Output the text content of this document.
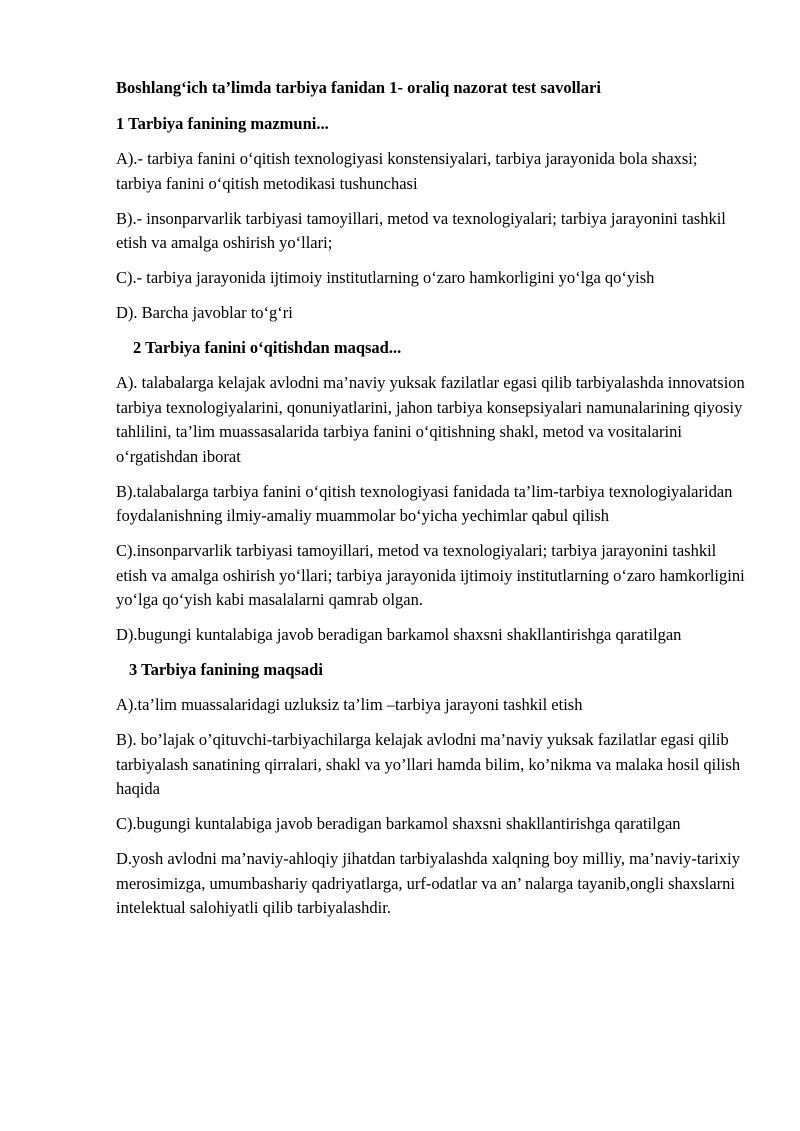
Boshlang‘ich ta’limda tarbiya fanidan 1- oraliq nazorat test savollari

1 Tarbiya fanining mazmuni...

A).- tarbiya fanini o‘qitish texnologiyasi konstensiyalari, tarbiya jarayonida bola shaxsi; tarbiya fanini o‘qitish metodikasi tushunchasi

B).- insonparvarlik tarbiyasi tamoyillari, metod va texnologiyalari; tarbiya jarayonini tashkil etish va amalga oshirish yo‘llari;

C).- tarbiya jarayonida ijtimoiy institutlarning o‘zaro hamkorligini yo‘lga qo‘yish

D). Barcha javoblar to‘g‘ri

2 Tarbiya fanini o‘qitishdan maqsad...

A). talabalarga kelajak avlodni ma’naviy yuksak fazilatlar egasi qilib tarbiyalashda innovatsion tarbiya texnologiyalarini, qonuniyatlarini, jahon tarbiya konsepsiyalari namunalarining qiyosiy tahlilini, ta’lim muassasalarida tarbiya fanini o‘qitishning shakl, metod va vositalarini o‘rgatishdan iborat

B).talabalarga tarbiya fanini o‘qitish texnologiyasi fanidada ta’lim-tarbiya texnologiyalaridan foydalanishning ilmiy-amaliy muammolar bo‘yicha yechimlar qabul qilish

C).insonparvarlik tarbiyasi tamoyillari, metod va texnologiyalari; tarbiya jarayonini tashkil etish va amalga oshirish yo‘llari; tarbiya jarayonida ijtimoiy institutlarning o‘zaro hamkorligini yo‘lga qo‘yish kabi masalalarni qamrab olgan.

D).bugungi kuntalabiga javob beradigan barkamol shaxsni shakllantirishga qaratilgan

3 Tarbiya fanining maqsadi

A).ta’lim muassalaridagi uzluksiz ta’lim –tarbiya jarayoni tashkil etish

B). bo’lajak o’qituvchi-tarbiyachilarga kelajak avlodni ma’naviy yuksak fazilatlar egasi qilib tarbiyalash sanatining qirralari, shakl va yo’llari hamda bilim, ko’nikma va malaka hosil qilish haqida

C).bugungi kuntalabiga javob beradigan barkamol shaxsni shakllantirishga qaratilgan

D.yosh avlodni ma’naviy-ahloqiy jihatdan tarbiyalashda xalqning boy milliy, ma’naviy-tarixiy merosimizga, umumbashariy qadriyatlarga, urf-odatlar va an’ nalarga tayanib,ongli shaxslarni intelektual salohiyatli qilib tarbiyalashdir.
